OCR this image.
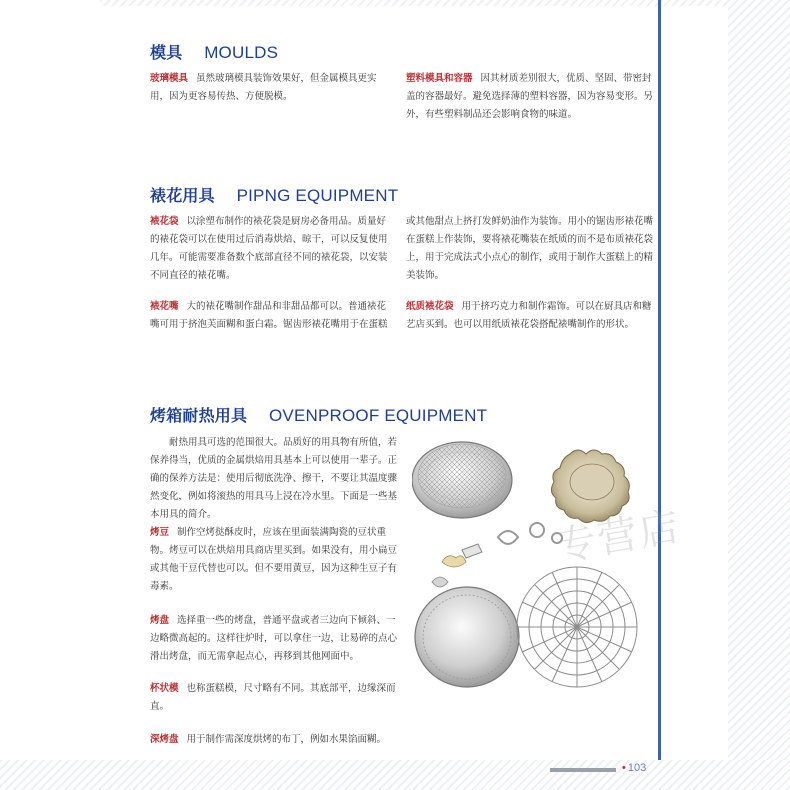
模具 MOULDS

玻璃模具 虽然玻璃模具装饰效果好，但金属模具更实用，因为更容易传热、方便脱模。

塑料模具和容器 因其材质差别很大，优质、坚固、带密封盖的容器最好。避免选择薄的塑料容器，因为容易变形。另外，有些塑料制品还会影响食物的味道。

裱花用具 PIPNG EQUIPMENT

裱花袋 以涂塑布制作的裱花袋是厨房必备用品。质量好的裱花袋可以在使用过后消毒烘焙、晾干，可以反复使用几年。可能需要准备数个底部直径不同的裱花袋，以安装不同直径的裱花嘴。

或其他甜点上挤打发鲜奶油作为装饰。用小的锯齿形裱花嘴在蛋糕上作装饰，要将裱花嘴装在纸质的而不是布质裱花袋上，用于完成法式小点心的制作，或用于制作大蛋糕上的精美装饰。

裱花嘴 大的裱花嘴制作甜品和非甜品都可以。普通裱花嘴可用于挤泡芙面糊和蛋白霜。锯齿形裱花嘴用于在蛋糕

纸质裱花袋 用于挤巧克力和制作霜饰。可以在厨具店和糖艺店买到。也可以用纸质裱花袋搭配裱嘴制作的形状。

烤箱耐热用具 OVENPROOF EQUIPMENT

耐热用具可选的范围很大。品质好的用具物有所值，若保养得当，优质的金属烘焙用具基本上可以使用一辈子。正确的保养方法是：使用后彻底洗净、擦干，不要让其温度骤然变化，例如将滚热的用具马上浸在冷水里。下面是一些基本用具的简介。

烤豆 制作空烤挞酥皮时，应该在里面装满陶瓷的豆状重物。烤豆可以在烘焙用具商店里买到。如果没有，用小扁豆或其他干豆代替也可以。但不要用黄豆，因为这种生豆子有毒素。

烤盘 选择重一些的烤盘，普通平盘或者三边向下倾斜、一边略微高起的。这样往炉时，可以拿住一边，让易碎的点心滑出烤盘，而无需拿起点心，再移到其他网面中。

杯状模 也称蛋糕模，尺寸略有不同。其底部平，边缘深而直。

深烤盘 用于制作需深度烘烤的布丁，例如水果馅面糊。

专营店
• 103
